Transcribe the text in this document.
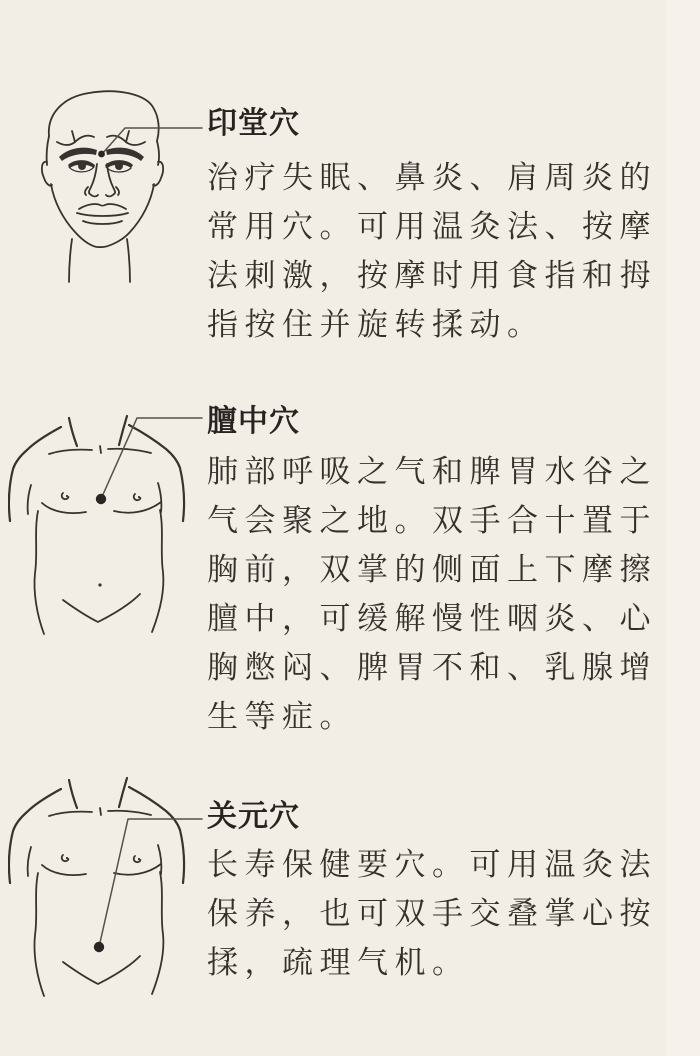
印堂穴
治疗失眠、鼻炎、肩周炎的
常用穴。可用温灸法、按摩
法刺激，按摩时用食指和拇
指按住并旋转揉动。
膻中穴
肺部呼吸之气和脾胃水谷之
气会聚之地。双手合十置于
胸前，双掌的侧面上下摩擦
膻中，可缓解慢性咽炎、心
胸憋闷、脾胃不和、乳腺增
生等症。
关元穴
长寿保健要穴。可用温灸法
保养，也可双手交叠掌心按
揉，疏理气机。
